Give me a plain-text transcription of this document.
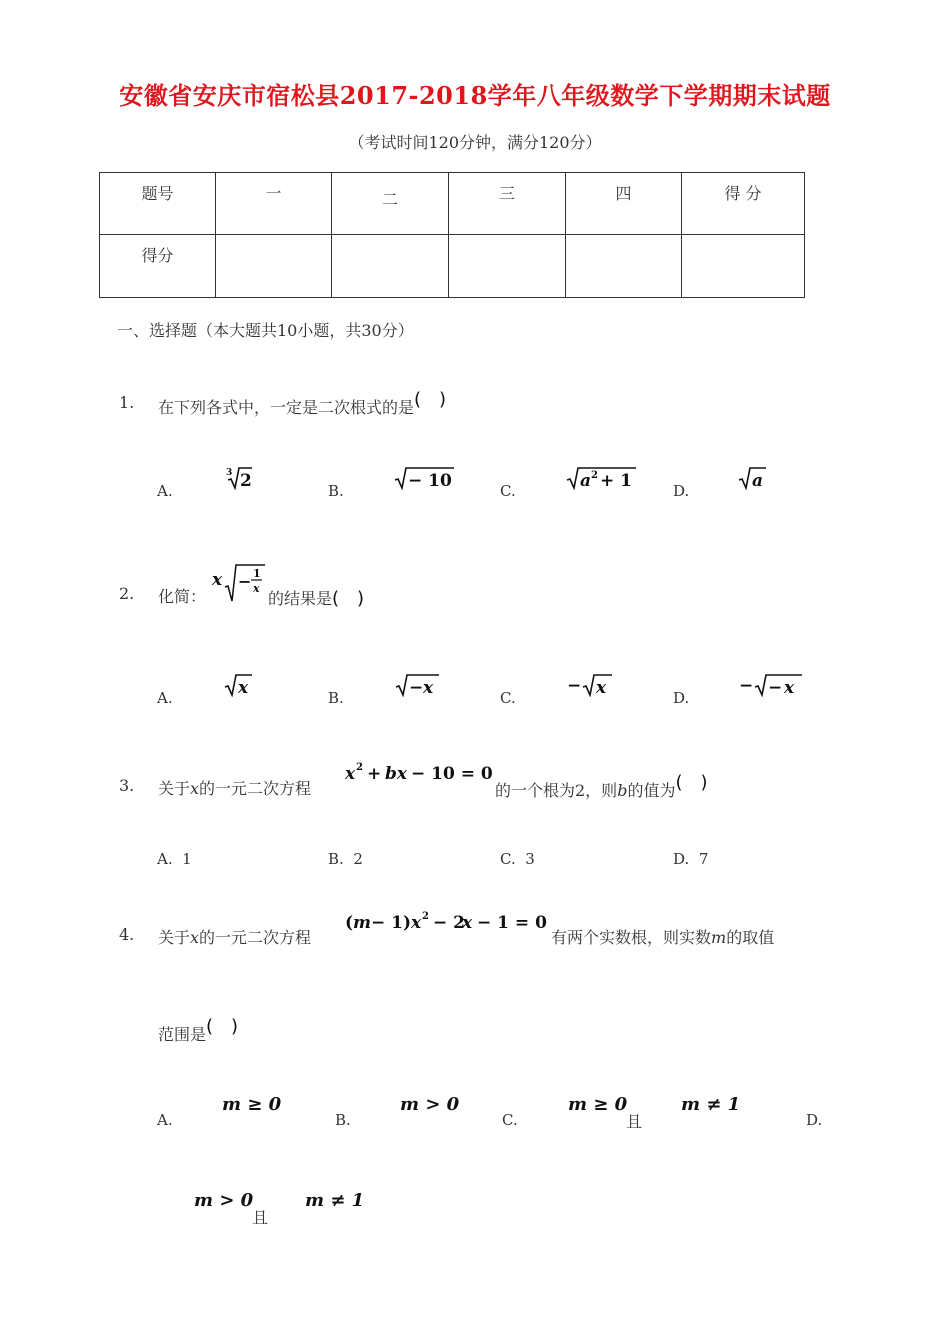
安徽省安庆市宿松县2017-2018学年八年级数学下学期期末试题
（考试时间120分钟，满分120分）
题号	一	二	三	四	得 分
得分					
一、选择题（本大题共10小题，共30分）
1. 在下列各式中，一定是二次根式的是(　)
A.
3 2	B.	− 10	C.	a 2 + 1	D.	a
2. 化简：
x − 1
x
的结果是(　)
A.	x	B.	− x	C.
− x	D.
− − x
3. 关于x的一元二次方程
x 2 + bx − 10 = 0
的一个根为2，则b的值为(　)
A. 1	B. 2	C. 3	D. 7
4. 关于x的一元二次方程
( m − 1) x 2 − 2
x − 1 = 0
有两个实数根，则实数m的取值
范围是(　)
A.
m ≥ 0
B.
m > 0
C.
m ≥ 0
且
m ≠ 1
D.
m > 0
且
m ≠ 1
